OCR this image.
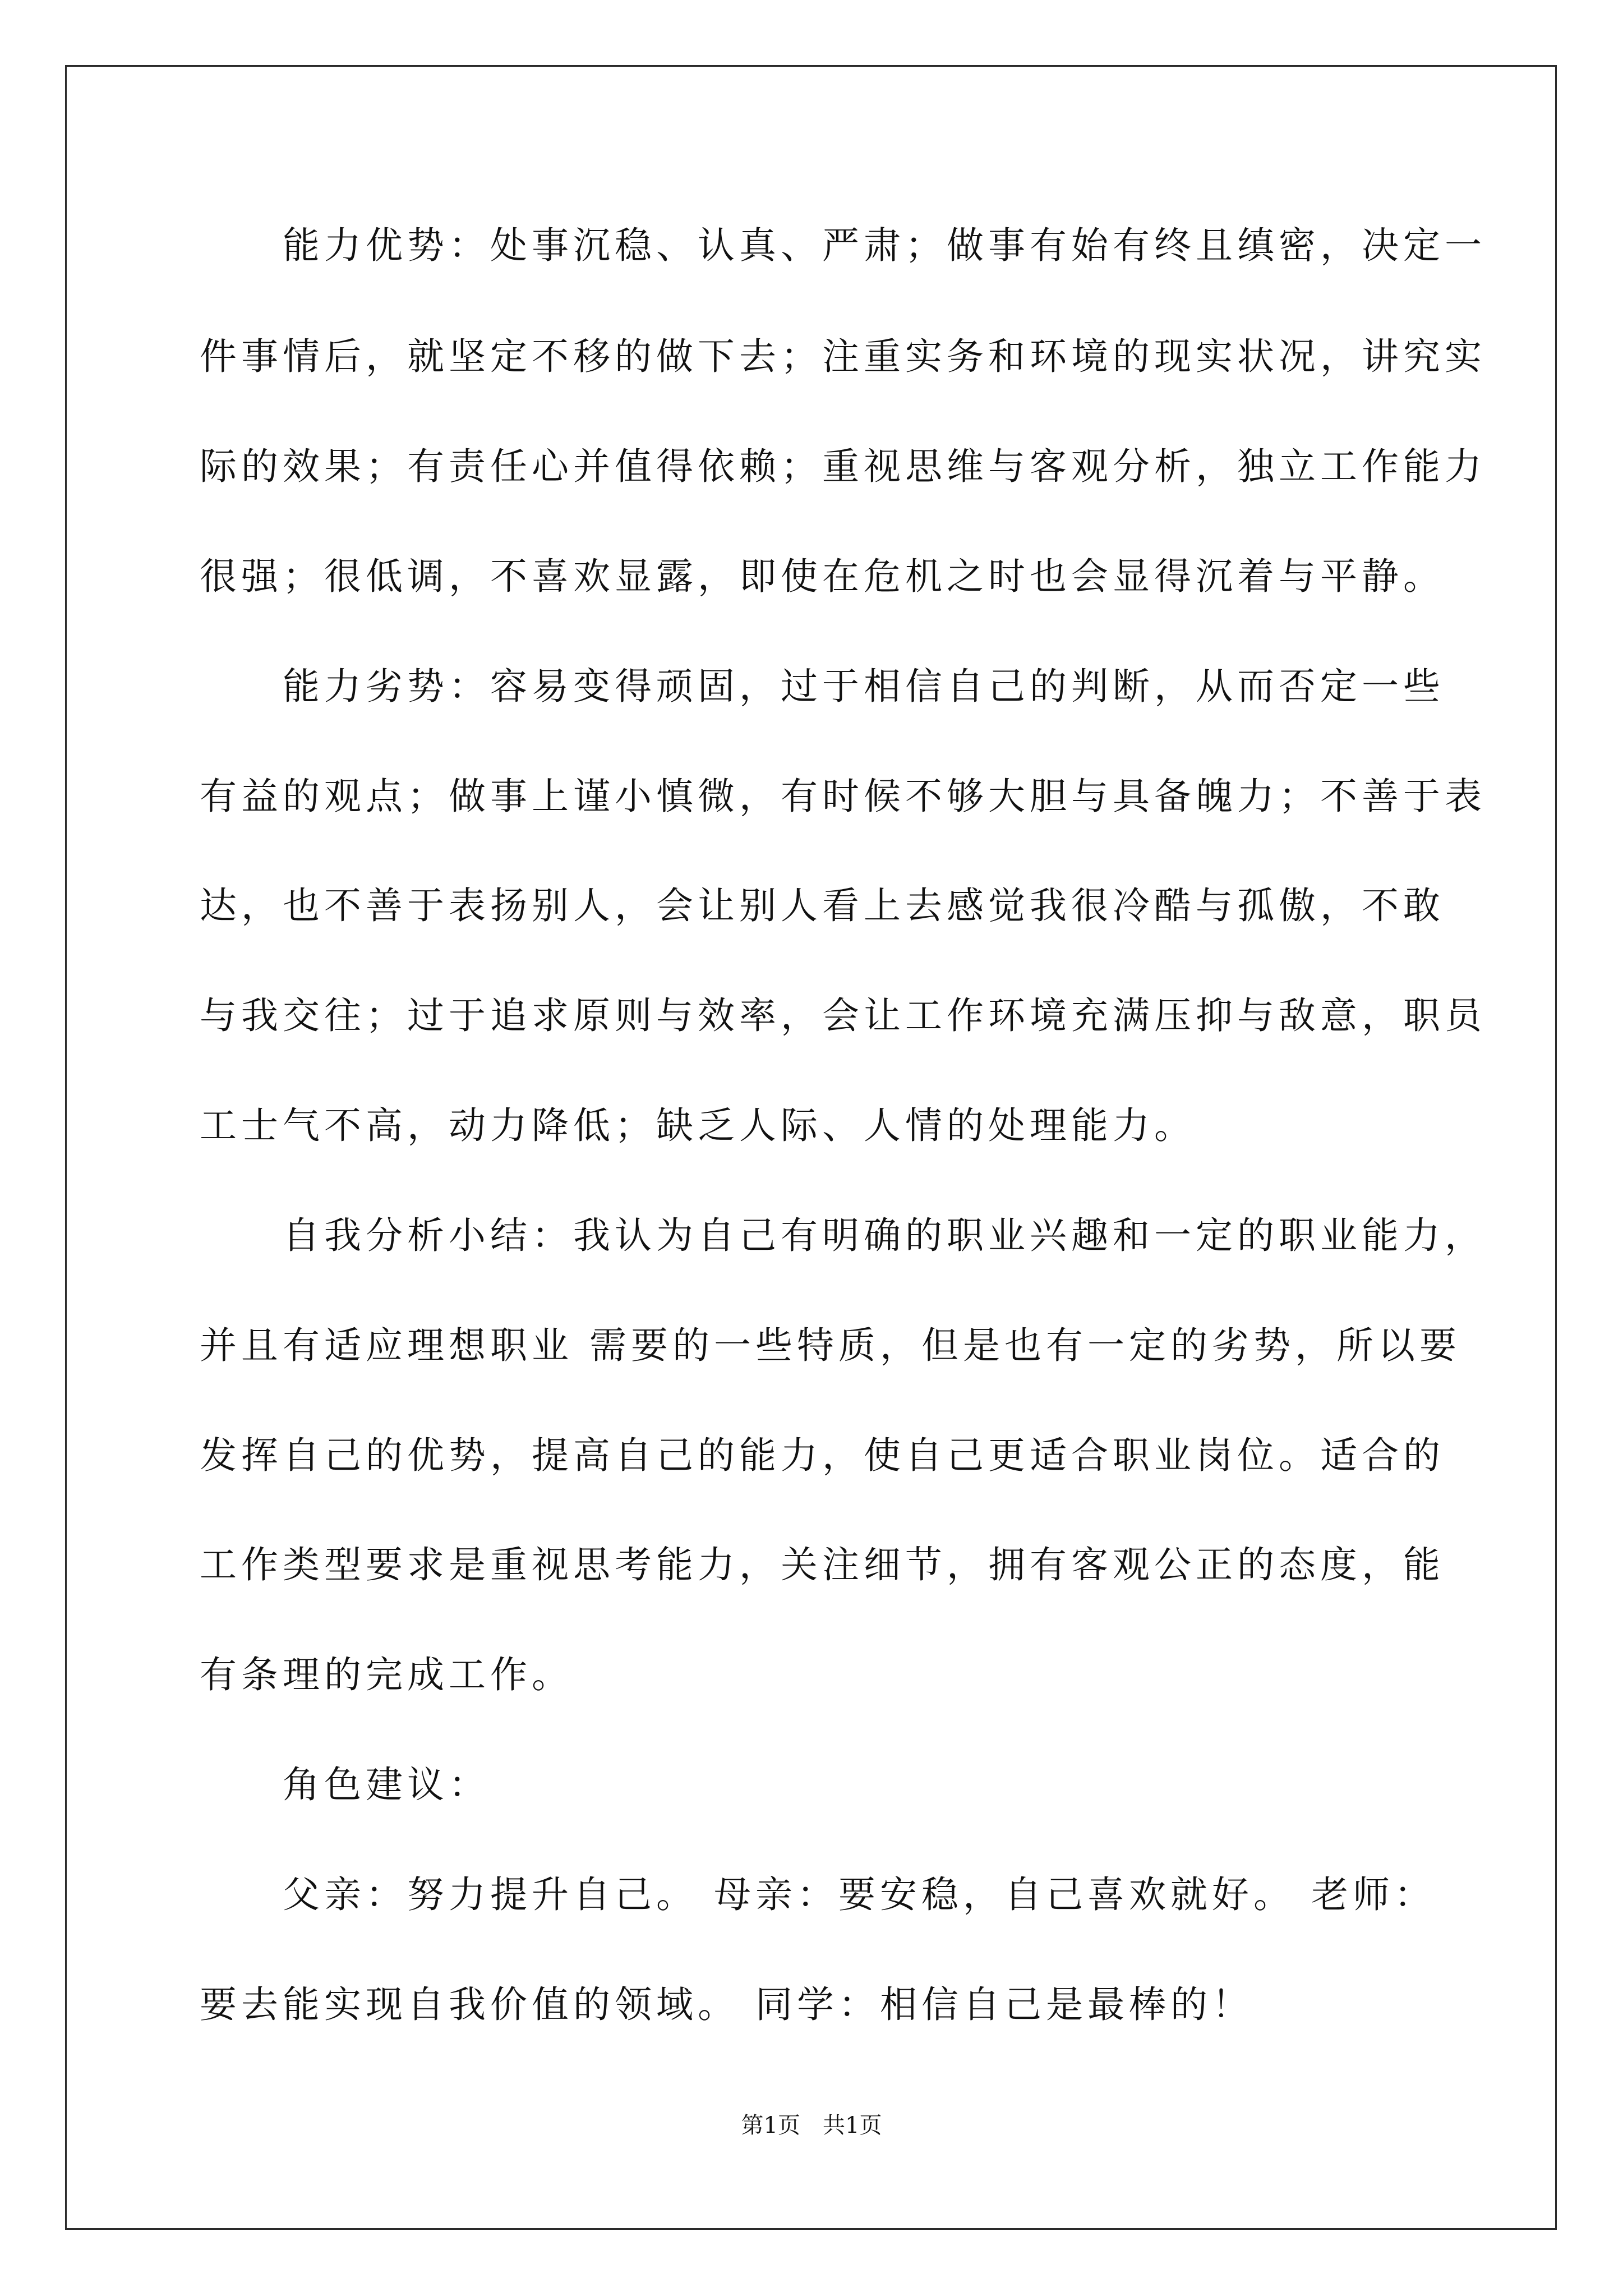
能力优势：处事沉稳、认真、严肃；做事有始有终且缜密，决定一
件事情后，就坚定不移的做下去；注重实务和环境的现实状况，讲究实
际的效果；有责任心并值得依赖；重视思维与客观分析，独立工作能力
很强；很低调，不喜欢显露，即使在危机之时也会显得沉着与平静。
能力劣势：容易变得顽固，过于相信自己的判断，从而否定一些
有益的观点；做事上谨小慎微，有时候不够大胆与具备魄力；不善于表
达，也不善于表扬别人，会让别人看上去感觉我很冷酷与孤傲，不敢
与我交往；过于追求原则与效率，会让工作环境充满压抑与敌意，职员
工士气不高，动力降低；缺乏人际、人情的处理能力。
自我分析小结：我认为自己有明确的职业兴趣和一定的职业能力，
并且有适应理想职业 需要的一些特质，但是也有一定的劣势，所以要
发挥自己的优势，提高自己的能力，使自己更适合职业岗位。适合的
工作类型要求是重视思考能力，关注细节，拥有客观公正的态度，能
有条理的完成工作。
角色建议：
父亲：努力提升自己。 母亲：要安稳，自己喜欢就好。 老师：
要去能实现自我价值的领域。 同学：相信自己是最棒的！
第1页　共1页
